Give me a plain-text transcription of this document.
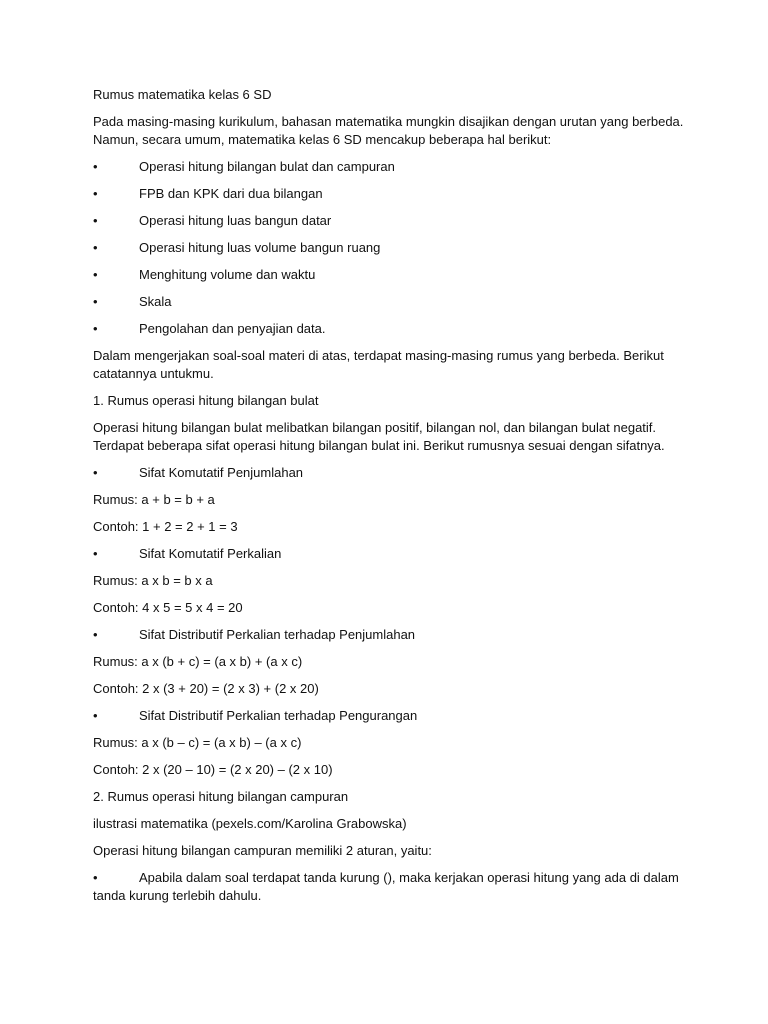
Rumus matematika kelas 6 SD

Pada masing-masing kurikulum, bahasan matematika mungkin disajikan dengan urutan yang berbeda. Namun, secara umum, matematika kelas 6 SD mencakup beberapa hal berikut:

•	Operasi hitung bilangan bulat dan campuran
•	FPB dan KPK dari dua bilangan
•	Operasi hitung luas bangun datar
•	Operasi hitung luas volume bangun ruang
•	Menghitung volume dan waktu
•	Skala
•	Pengolahan dan penyajian data.

Dalam mengerjakan soal-soal materi di atas, terdapat masing-masing rumus yang berbeda. Berikut catatannya untukmu.

1. Rumus operasi hitung bilangan bulat

Operasi hitung bilangan bulat melibatkan bilangan positif, bilangan nol, dan bilangan bulat negatif. Terdapat beberapa sifat operasi hitung bilangan bulat ini. Berikut rumusnya sesuai dengan sifatnya.

•	Sifat Komutatif Penjumlahan

Rumus: a + b = b + a

Contoh: 1 + 2 = 2 + 1 = 3

•	Sifat Komutatif Perkalian

Rumus: a x b = b x a

Contoh: 4 x 5 = 5 x 4 = 20

•	Sifat Distributif Perkalian terhadap Penjumlahan

Rumus: a x (b + c) = (a x b) + (a x c)

Contoh: 2 x (3 + 20) = (2 x 3) + (2 x 20)

•	Sifat Distributif Perkalian terhadap Pengurangan

Rumus: a x (b – c) = (a x b) – (a x c)

Contoh: 2 x (20 – 10) = (2 x 20) – (2 x 10)

2. Rumus operasi hitung bilangan campuran

ilustrasi matematika (pexels.com/Karolina Grabowska)

Operasi hitung bilangan campuran memiliki 2 aturan, yaitu:

•	Apabila dalam soal terdapat tanda kurung (), maka kerjakan operasi hitung yang ada di dalam tanda kurung terlebih dahulu.
